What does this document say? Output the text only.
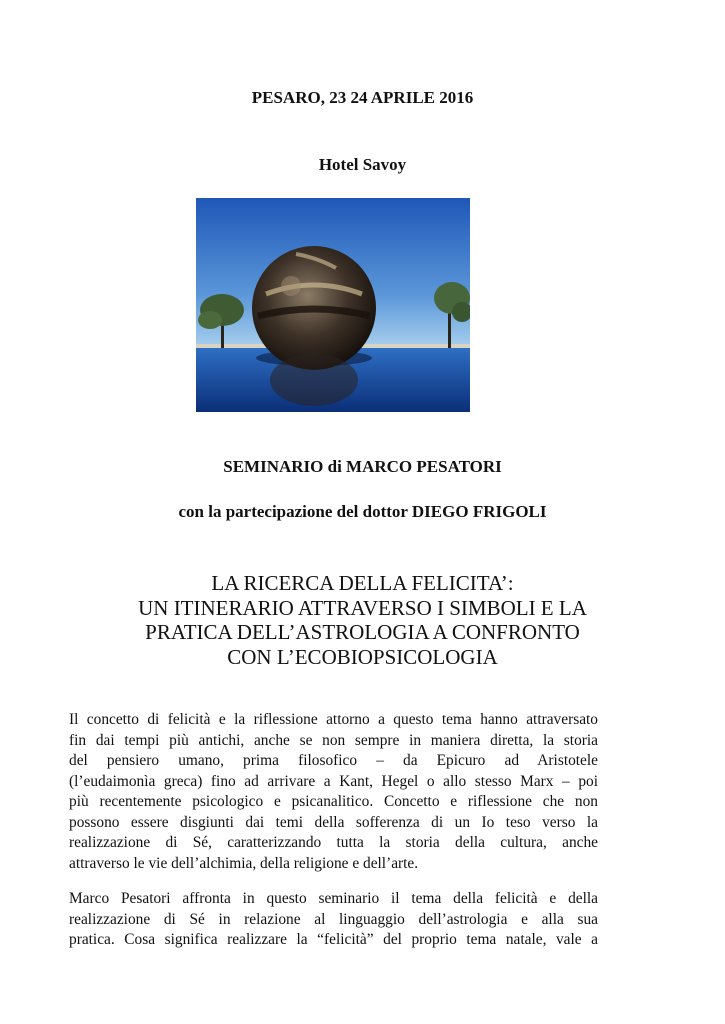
PESARO, 23 24 APRILE 2016
Hotel Savoy
SEMINARIO di MARCO PESATORI
con la partecipazione del dottor DIEGO FRIGOLI
LA RICERCA DELLA FELICITA’:
UN ITINERARIO ATTRAVERSO I SIMBOLI E LA
PRATICA DELL’ASTROLOGIA A CONFRONTO
CON L’ECOBIOPSICOLOGIA
Il concetto di felicità e la riflessione attorno a questo tema hanno attraversato
fin dai tempi più antichi, anche se non sempre in maniera diretta, la storia
del pensiero umano, prima filosofico – da Epicuro ad Aristotele
(l’eudaimonìa greca) fino ad arrivare a Kant, Hegel o allo stesso Marx – poi
più recentemente psicologico e psicanalitico. Concetto e riflessione che non
possono essere disgiunti dai temi della sofferenza di un Io teso verso la
realizzazione di Sé, caratterizzando tutta la storia della cultura, anche
attraverso le vie dell’alchimia, della religione e dell’arte.
Marco Pesatori affronta in questo seminario il tema della felicità e della
realizzazione di Sé in relazione al linguaggio dell’astrologia e alla sua
pratica. Cosa significa realizzare la “felicità” del proprio tema natale, vale a
